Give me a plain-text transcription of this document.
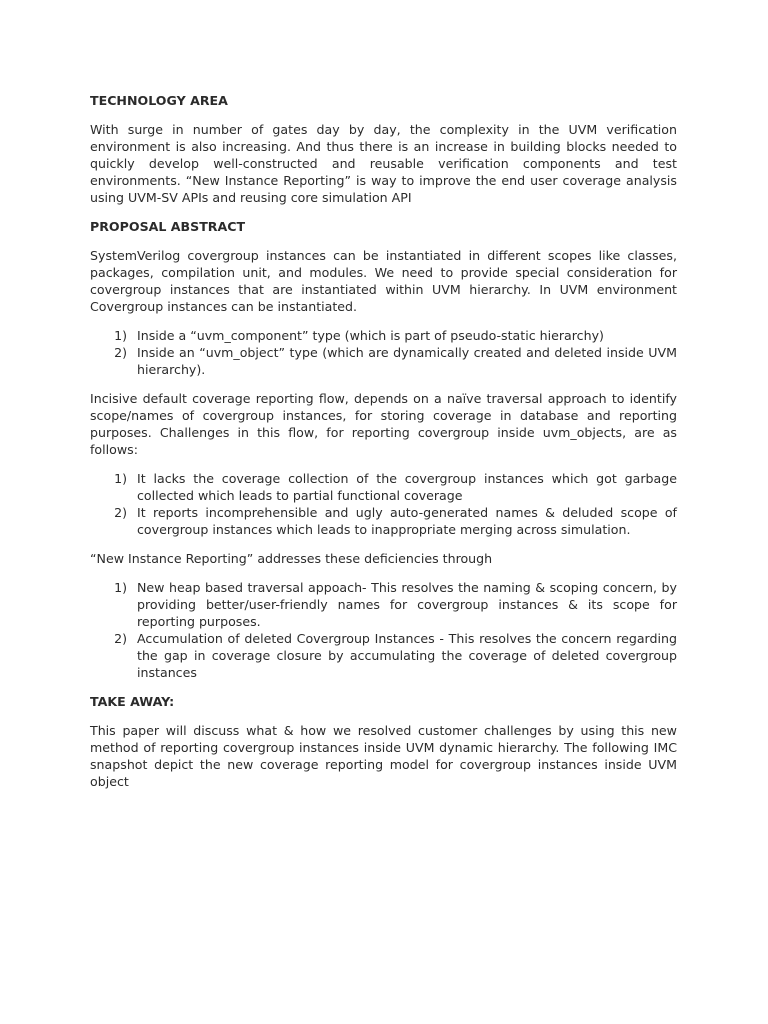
TECHNOLOGY AREA

With surge in number of gates day by day, the complexity in the UVM verification environment is also increasing. And thus there is an increase in building blocks needed to quickly develop well-constructed and reusable verification components and test environments. “New Instance Reporting” is way to improve the end user coverage analysis using UVM-SV APIs and reusing core simulation API

PROPOSAL ABSTRACT

SystemVerilog covergroup instances can be instantiated in different scopes like classes, packages, compilation unit, and modules. We need to provide special consideration for covergroup instances that are instantiated within UVM hierarchy. In UVM environment Covergroup instances can be instantiated.

1. Inside a “uvm_component” type (which is part of pseudo-static hierarchy)
2. Inside an “uvm_object” type (which are dynamically created and deleted inside UVM hierarchy).

Incisive default coverage reporting flow, depends on a naïve traversal approach to identify scope/names of covergroup instances, for storing coverage in database and reporting purposes. Challenges in this flow, for reporting covergroup inside uvm_objects, are as follows:

1. It lacks the coverage collection of the covergroup instances which got garbage collected which leads to partial functional coverage
2. It reports incomprehensible and ugly auto-generated names & deluded scope of covergroup instances which leads to inappropriate merging across simulation.

“New Instance Reporting” addresses these deficiencies through

1. New heap based traversal appoach- This resolves the naming & scoping concern, by providing better/user-friendly names for covergroup instances & its scope for reporting purposes.
2. Accumulation of deleted Covergroup Instances - This resolves the concern regarding the gap in coverage closure by accumulating the coverage of deleted covergroup instances
TAKE AWAY:

This paper will discuss what & how we resolved customer challenges by using this new method of reporting covergroup instances inside UVM dynamic hierarchy. The following IMC snapshot depict the new coverage reporting model for covergroup instances inside UVM object
